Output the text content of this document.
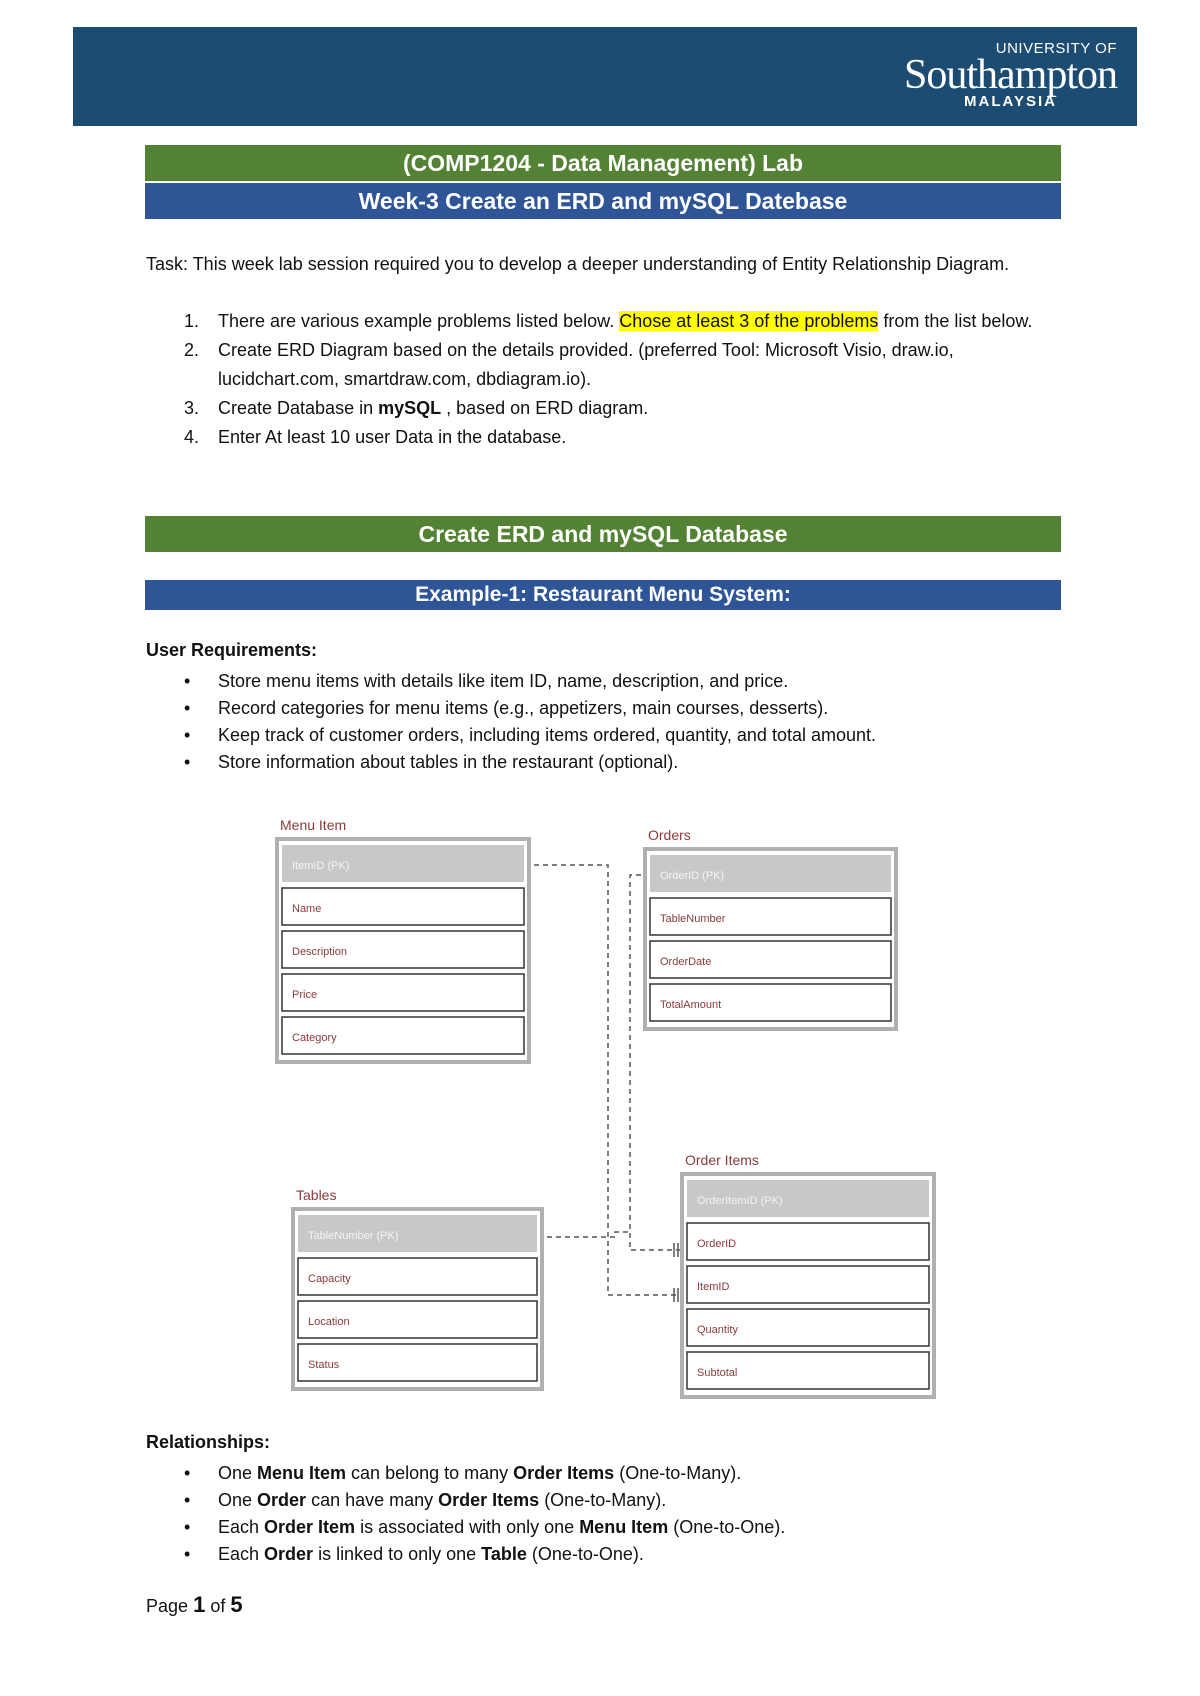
UNIVERSITY OF
Southampton
MALAYSIA
(COMP1204 - Data Management) Lab
Week-3 Create an ERD and mySQL Datebase
Task: This week lab session required you to develop a deeper understanding of Entity Relationship Diagram.
1. There are various example problems listed below. Chose at least 3 of the problems from the list below.
2. Create ERD Diagram based on the details provided. (preferred Tool: Microsoft Visio, draw.io, lucidchart.com, smartdraw.com, dbdiagram.io).
3. Create Database in mySQL , based on ERD diagram.
4. Enter At least 10 user Data in the database.
Create ERD and mySQL Database
Example-1: Restaurant Menu System:
User Requirements:
• Store menu items with details like item ID, name, description, and price.
• Record categories for menu items (e.g., appetizers, main courses, desserts).
• Keep track of customer orders, including items ordered, quantity, and total amount.
• Store information about tables in the restaurant (optional).
Menu Item
ItemID (PK)
Name
Description
Price
Category
Orders
OrderID (PK)
TableNumber
OrderDate
TotalAmount
Tables
TableNumber (PK)
Capacity
Location
Status
Order Items
OrderItemID (PK)
OrderID
ItemID
Quantity
Subtotal
Relationships:
• One Menu Item can belong to many Order Items (One-to-Many).
• One Order can have many Order Items (One-to-Many).
• Each Order Item is associated with only one Menu Item (One-to-One).
• Each Order is linked to only one Table (One-to-One).
Page 1 of 5
